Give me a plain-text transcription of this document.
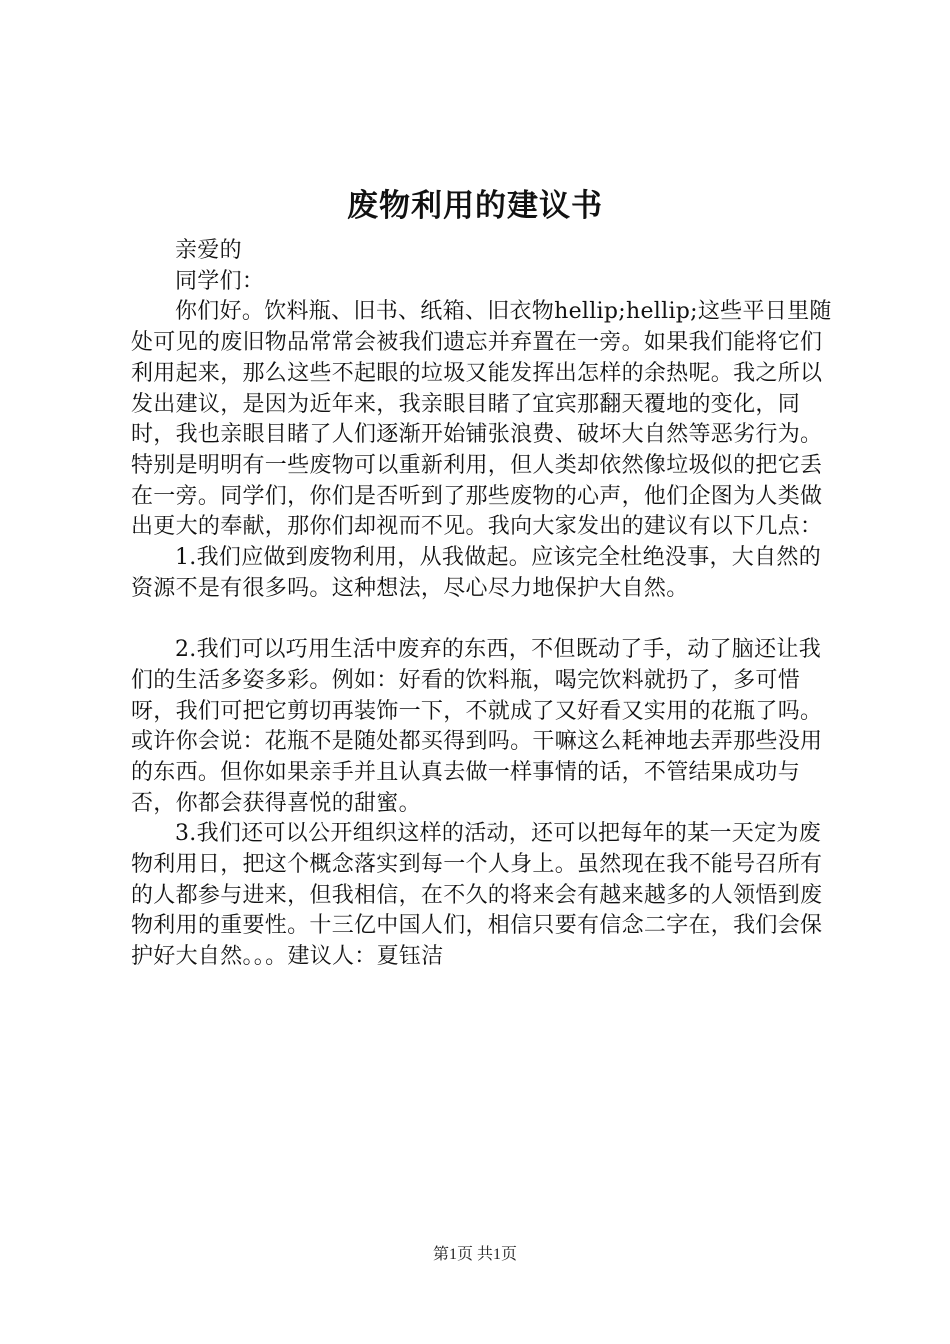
废物利用的建议书

亲爱的

同学们：

你们好。饮料瓶、旧书、纸箱、旧衣物hellip;hellip;这些平日里随处可见的废旧物品常常会被我们遗忘并弃置在一旁。如果我们能将它们利用起来，那么这些不起眼的垃圾又能发挥出怎样的余热呢。我之所以发出建议，是因为近年来，我亲眼目睹了宜宾那翻天覆地的变化，同时，我也亲眼目睹了人们逐渐开始铺张浪费、破坏大自然等恶劣行为。特别是明明有一些废物可以重新利用，但人类却依然像垃圾似的把它丢在一旁。同学们，你们是否听到了那些废物的心声，他们企图为人类做出更大的奉献，那你们却视而不见。我向大家发出的建议有以下几点：

1.我们应做到废物利用，从我做起。应该完全杜绝没事，大自然的资源不是有很多吗。这种想法，尽心尽力地保护大自然。

2.我们可以巧用生活中废弃的东西，不但既动了手，动了脑还让我们的生活多姿多彩。例如：好看的饮料瓶，喝完饮料就扔了，多可惜呀，我们可把它剪切再装饰一下，不就成了又好看又实用的花瓶了吗。或许你会说：花瓶不是随处都买得到吗。干嘛这么耗神地去弄那些没用的东西。但你如果亲手并且认真去做一样事情的话，不管结果成功与否，你都会获得喜悦的甜蜜。

3.我们还可以公开组织这样的活动，还可以把每年的某一天定为废物利用日，把这个概念落实到每一个人身上。虽然现在我不能号召所有的人都参与进来，但我相信，在不久的将来会有越来越多的人领悟到废物利用的重要性。十三亿中国人们，相信只要有信念二字在，我们会保护好大自然。。。建议人：夏钰洁

第1页 共1页
